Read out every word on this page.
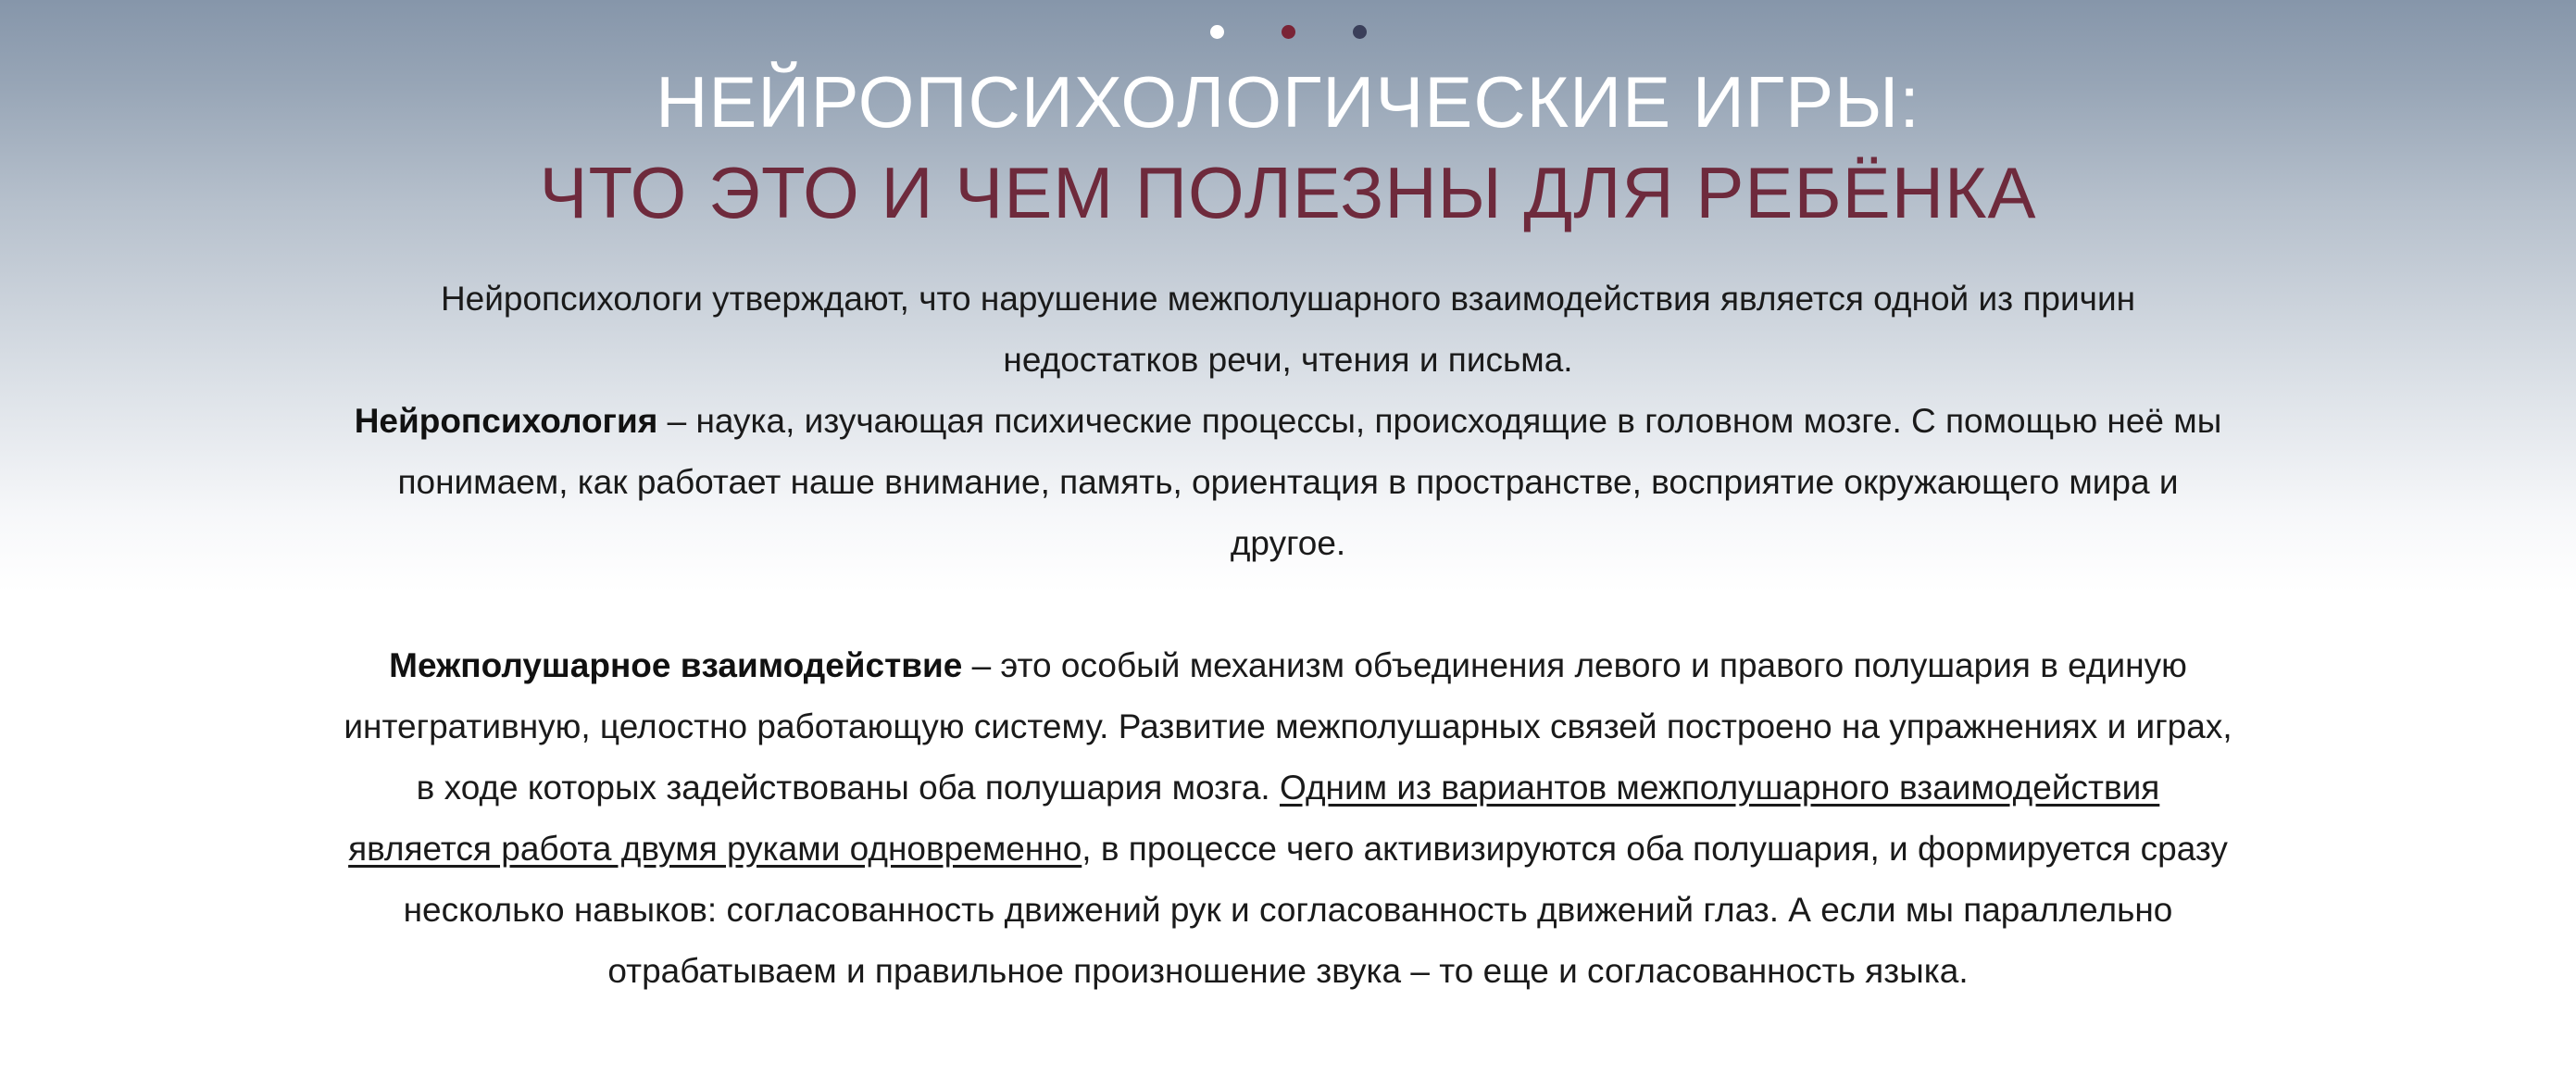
НЕЙРОПСИХОЛОГИЧЕСКИЕ ИГРЫ:
ЧТО ЭТО И ЧЕМ ПОЛЕЗНЫ ДЛЯ РЕБЁНКА

Нейропсихологи утверждают, что нарушение межполушарного взаимодействия является одной из причин недостатков речи, чтения и письма.

Нейропсихология – наука, изучающая психические процессы, происходящие в головном мозге. С помощью неё мы понимаем, как работает наше внимание, память, ориентация в пространстве, восприятие окружающего мира и другое.

Межполушарное взаимодействие – это особый механизм объединения левого и правого полушария в единую интегративную, целостно работающую систему. Развитие межполушарных связей построено на упражнениях и играх, в ходе которых задействованы оба полушария мозга. Одним из вариантов межполушарного взаимодействия является работа двумя руками одновременно, в процессе чего активизируются оба полушария, и формируется сразу несколько навыков: согласованность движений рук и согласованность движений глаз. А если мы параллельно отрабатываем и правильное произношение звука – то еще и согласованность языка.
